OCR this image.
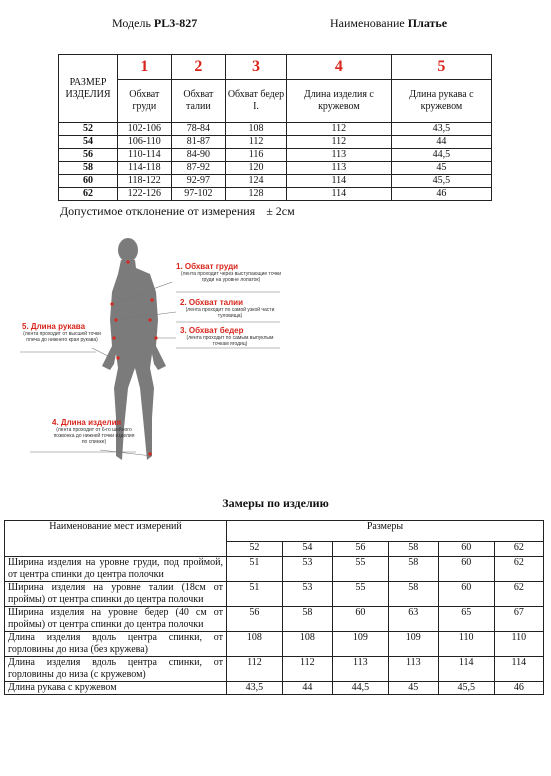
Модель PL3-827	Наименование Платье
РАЗМЕР ИЗДЕЛИЯ	1	2	3	4	5
	Обхват груди	Обхват талии	Обхват бедер I.	Длина изделия с кружевом	Длина рукава с кружевом
52	102-106	78-84	108	112	43,5
54	106-110	81-87	112	112	44
56	110-114	84-90	116	113	44,5
58	114-118	87-92	120	113	45
60	118-122	92-97	124	114	45,5
62	122-126	97-102	128	114	46
Допустимое отклонение от измерения ± 2см
1. Обхват груди
(лента проходит через выступающие точки груди на уровне лопаток)
2. Обхват талии
(лента проходит по самой узкой части туловища)
3. Обхват бедер
(лента проходит по самым выпуклым точкам ягодиц)
5. Длина рукава
(лента проходит от высшей точки плеча до нижнего края рукава)
4. Длина изделия
(лента проходит от 6-го шейного позвонка до нижней точки изделия по спинке)
Замеры по изделию
Наименование мест измерений	Размеры					
	52	54	56	58	60	62
Ширина изделия на уровне груди, под проймой, от центра спинки до центра полочки	51	53	55	58	60	62
Ширина изделия на уровне талии (18см от проймы) от центра спинки до центра полочки	51	53	55	58	60	62
Ширина изделия на уровне бедер (40 см от проймы) от центра спинки до центра полочки	56	58	60	63	65	67
Длина изделия вдоль центра спинки, от горловины до низа (без кружева)	108	108	109	109	110	110
Длина изделия вдоль центра спинки, от горловины до низа (с кружевом)	112	112	113	113	114	114
Длина рукава с кружевом	43,5	44	44,5	45	45,5	46
